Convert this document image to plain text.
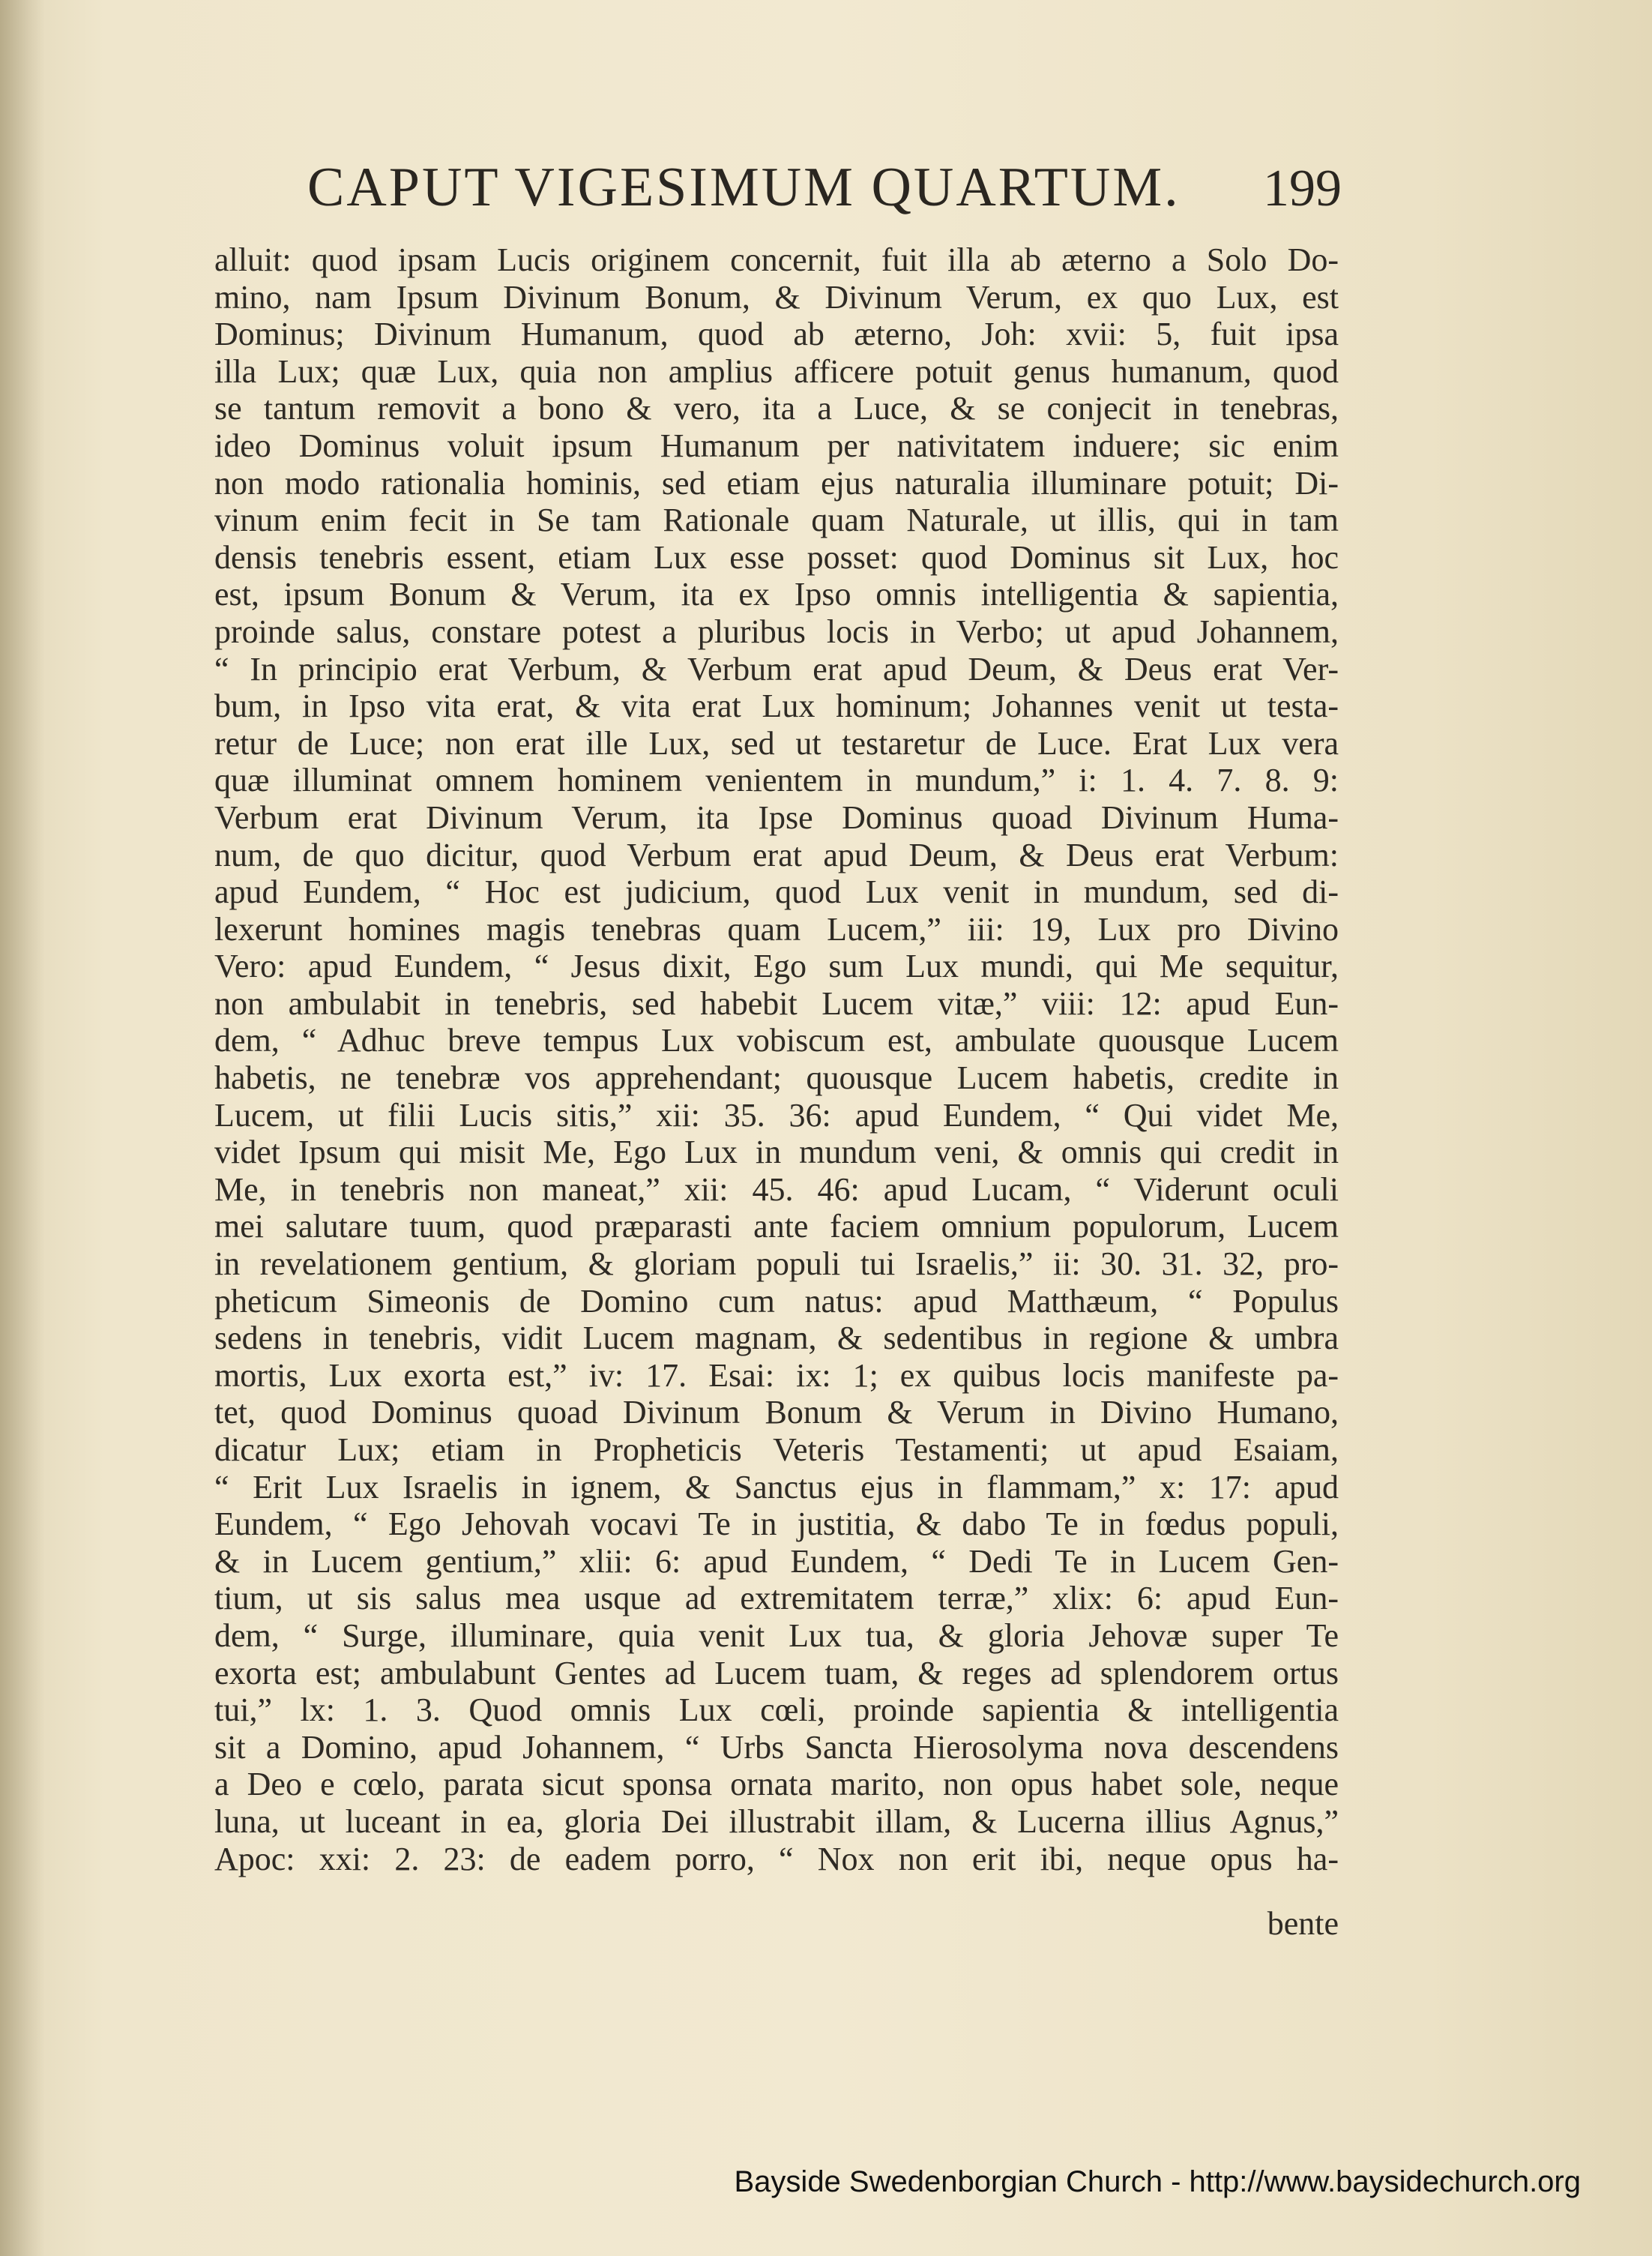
CAPUT VIGESIMUM QUARTUM. 199
alluit: quod ipsam Lucis originem concernit, fuit illa ab æterno a Solo Do-
mino, nam Ipsum Divinum Bonum, & Divinum Verum, ex quo Lux, est
Dominus; Divinum Humanum, quod ab æterno, Joh: xvii: 5, fuit ipsa
illa Lux; quæ Lux, quia non amplius afficere potuit genus humanum, quod
se tantum removit a bono & vero, ita a Luce, & se conjecit in tenebras,
ideo Dominus voluit ipsum Humanum per nativitatem induere; sic enim
non modo rationalia hominis, sed etiam ejus naturalia illuminare potuit; Di-
vinum enim fecit in Se tam Rationale quam Naturale, ut illis, qui in tam
densis tenebris essent, etiam Lux esse posset: quod Dominus sit Lux, hoc
est, ipsum Bonum & Verum, ita ex Ipso omnis intelligentia & sapientia,
proinde salus, constare potest a pluribus locis in Verbo; ut apud Johannem,
“ In principio erat Verbum, & Verbum erat apud Deum, & Deus erat Ver-
bum, in Ipso vita erat, & vita erat Lux hominum; Johannes venit ut testa-
retur de Luce; non erat ille Lux, sed ut testaretur de Luce. Erat Lux vera
quæ illuminat omnem hominem venientem in mundum,” i: 1. 4. 7. 8. 9:
Verbum erat Divinum Verum, ita Ipse Dominus quoad Divinum Huma-
num, de quo dicitur, quod Verbum erat apud Deum, & Deus erat Verbum:
apud Eundem, “ Hoc est judicium, quod Lux venit in mundum, sed di-
lexerunt homines magis tenebras quam Lucem,” iii: 19, Lux pro Divino
Vero: apud Eundem, “ Jesus dixit, Ego sum Lux mundi, qui Me sequitur,
non ambulabit in tenebris, sed habebit Lucem vitæ,” viii: 12: apud Eun-
dem, “ Adhuc breve tempus Lux vobiscum est, ambulate quousque Lucem
habetis, ne tenebræ vos apprehendant; quousque Lucem habetis, credite in
Lucem, ut filii Lucis sitis,” xii: 35. 36: apud Eundem, “ Qui videt Me,
videt Ipsum qui misit Me, Ego Lux in mundum veni, & omnis qui credit in
Me, in tenebris non maneat,” xii: 45. 46: apud Lucam, “ Viderunt oculi
mei salutare tuum, quod præparasti ante faciem omnium populorum, Lucem
in revelationem gentium, & gloriam populi tui Israelis,” ii: 30. 31. 32, pro-
pheticum Simeonis de Domino cum natus: apud Matthæum, “ Populus
sedens in tenebris, vidit Lucem magnam, & sedentibus in regione & umbra
mortis, Lux exorta est,” iv: 17. Esai: ix: 1; ex quibus locis manifeste pa-
tet, quod Dominus quoad Divinum Bonum & Verum in Divino Humano,
dicatur Lux; etiam in Propheticis Veteris Testamenti; ut apud Esaiam,
“ Erit Lux Israelis in ignem, & Sanctus ejus in flammam,” x: 17: apud
Eundem, “ Ego Jehovah vocavi Te in justitia, & dabo Te in fœdus populi,
& in Lucem gentium,” xlii: 6: apud Eundem, “ Dedi Te in Lucem Gen-
tium, ut sis salus mea usque ad extremitatem terræ,” xlix: 6: apud Eun-
dem, “ Surge, illuminare, quia venit Lux tua, & gloria Jehovæ super Te
exorta est; ambulabunt Gentes ad Lucem tuam, & reges ad splendorem ortus
tui,” lx: 1. 3. Quod omnis Lux cœli, proinde sapientia & intelligentia
sit a Domino, apud Johannem, “ Urbs Sancta Hierosolyma nova descendens
a Deo e cœlo, parata sicut sponsa ornata marito, non opus habet sole, neque
luna, ut luceant in ea, gloria Dei illustrabit illam, & Lucerna illius Agnus,”
Apoc: xxi: 2. 23: de eadem porro, “ Nox non erit ibi, neque opus ha-
bente
Bayside Swedenborgian Church - http://www.baysidechurch.org
